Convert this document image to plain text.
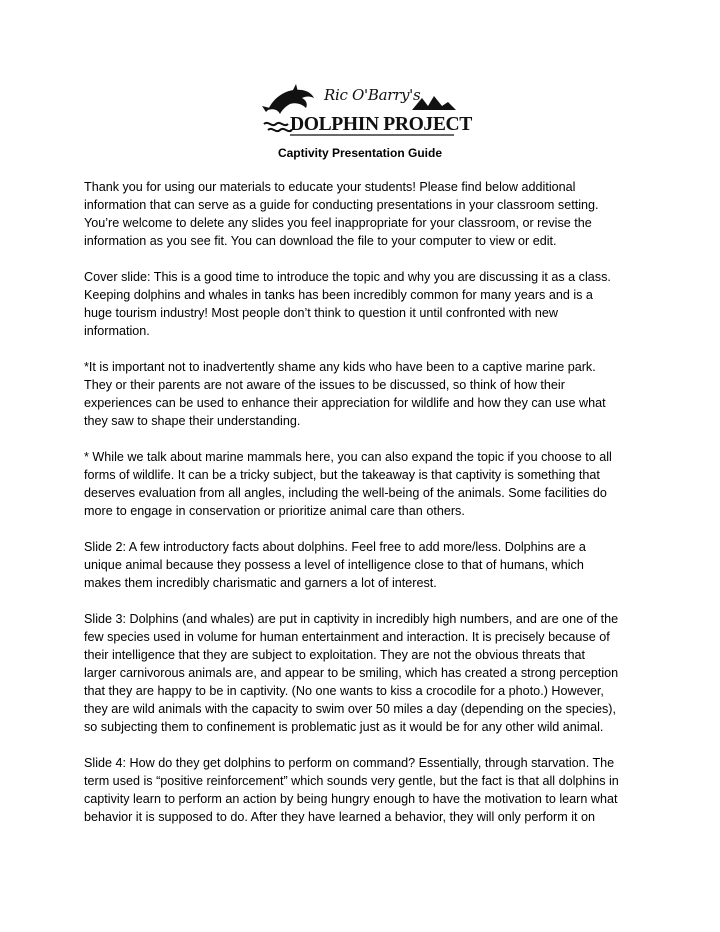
Ric O'Barry's
DOLPHIN PROJECT
Captivity Presentation Guide

Thank you for using our materials to educate your students! Please find below additional
information that can serve as a guide for conducting presentations in your classroom setting.
You’re welcome to delete any slides you feel inappropriate for your classroom, or revise the
information as you see fit. You can download the file to your computer to view or edit.

Cover slide: This is a good time to introduce the topic and why you are discussing it as a class.
Keeping dolphins and whales in tanks has been incredibly common for many years and is a
huge tourism industry! Most people don’t think to question it until confronted with new
information.

*It is important not to inadvertently shame any kids who have been to a captive marine park.
They or their parents are not aware of the issues to be discussed, so think of how their
experiences can be used to enhance their appreciation for wildlife and how they can use what
they saw to shape their understanding.

* While we talk about marine mammals here, you can also expand the topic if you choose to all
forms of wildlife. It can be a tricky subject, but the takeaway is that captivity is something that
deserves evaluation from all angles, including the well-being of the animals. Some facilities do
more to engage in conservation or prioritize animal care than others.

Slide 2: A few introductory facts about dolphins. Feel free to add more/less. Dolphins are a
unique animal because they possess a level of intelligence close to that of humans, which
makes them incredibly charismatic and garners a lot of interest.

Slide 3: Dolphins (and whales) are put in captivity in incredibly high numbers, and are one of the
few species used in volume for human entertainment and interaction. It is precisely because of
their intelligence that they are subject to exploitation. They are not the obvious threats that
larger carnivorous animals are, and appear to be smiling, which has created a strong perception
that they are happy to be in captivity. (No one wants to kiss a crocodile for a photo.) However,
they are wild animals with the capacity to swim over 50 miles a day (depending on the species),
so subjecting them to confinement is problematic just as it would be for any other wild animal.

Slide 4: How do they get dolphins to perform on command? Essentially, through starvation. The
term used is “positive reinforcement” which sounds very gentle, but the fact is that all dolphins in
captivity learn to perform an action by being hungry enough to have the motivation to learn what
behavior it is supposed to do. After they have learned a behavior, they will only perform it on
